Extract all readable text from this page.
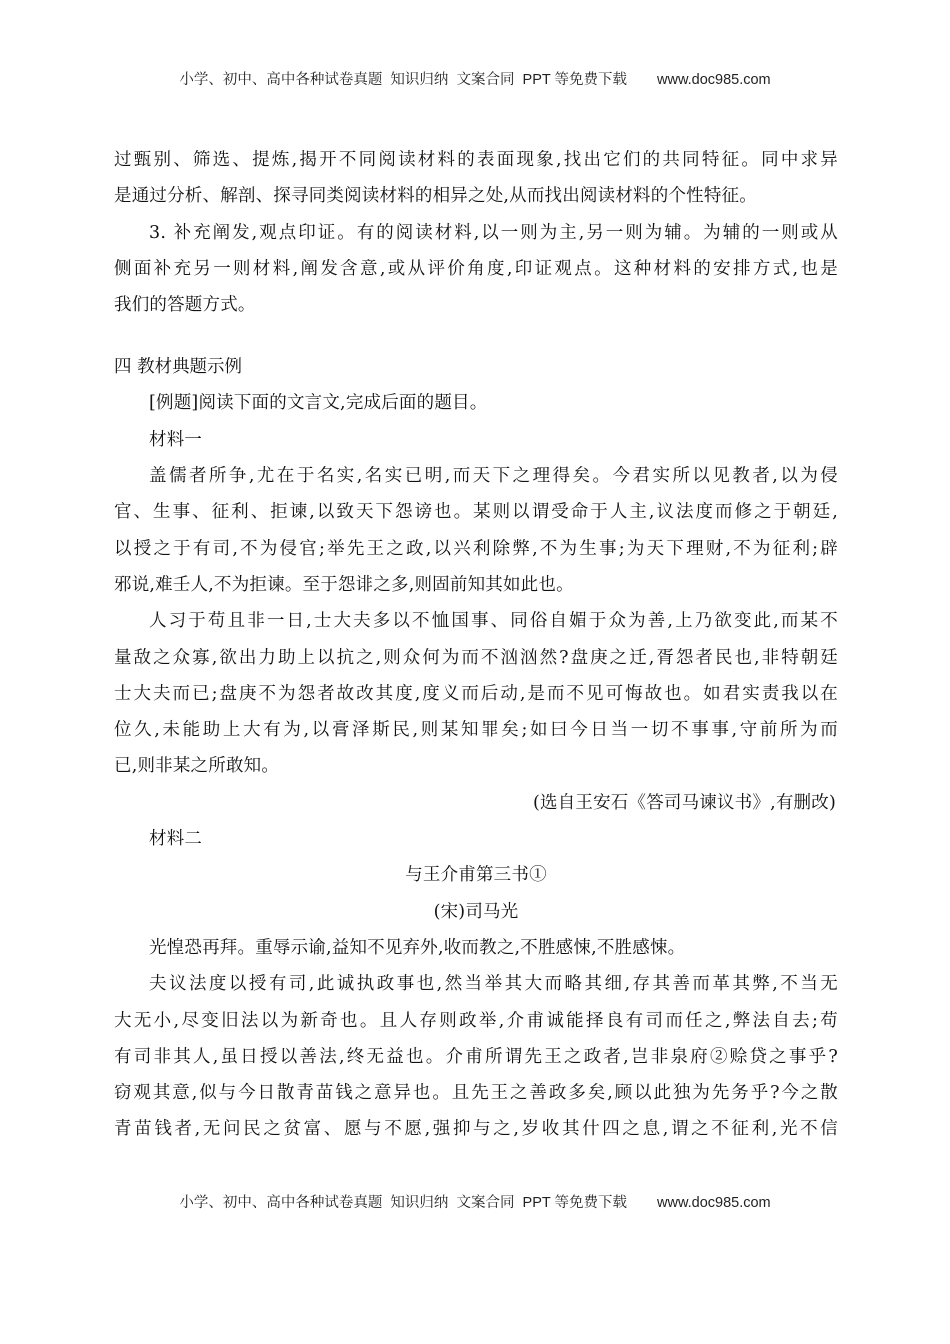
小学、初中、高中各种试卷真题  知识归纳  文案合同  PPT 等免费下载 www.doc985.com
过甄别、筛选、提炼,揭开不同阅读材料的表面现象,找出它们的共同特征。同中求异
是通过分析、解剖、探寻同类阅读材料的相异之处,从而找出阅读材料的个性特征。
3. 补充阐发,观点印证。有的阅读材料,以一则为主,另一则为辅。为辅的一则或从
侧面补充另一则材料,阐发含意,或从评价角度,印证观点。这种材料的安排方式,也是
我们的答题方式。
四 教材典题示例
[例题]阅读下面的文言文,完成后面的题目。
材料一
盖儒者所争,尤在于名实,名实已明,而天下之理得矣。今君实所以见教者,以为侵
官、生事、征利、拒谏,以致天下怨谤也。某则以谓受命于人主,议法度而修之于朝廷,
以授之于有司,不为侵官;举先王之政,以兴利除弊,不为生事;为天下理财,不为征利;辟
邪说,难壬人,不为拒谏。至于怨诽之多,则固前知其如此也。
人习于苟且非一日,士大夫多以不恤国事、同俗自媚于众为善,上乃欲变此,而某不
量敌之众寡,欲出力助上以抗之,则众何为而不汹汹然?盘庚之迁,胥怨者民也,非特朝廷
士大夫而已;盘庚不为怨者故改其度,度义而后动,是而不见可悔故也。如君实责我以在
位久,未能助上大有为,以膏泽斯民,则某知罪矣;如曰今日当一切不事事,守前所为而
已,则非某之所敢知。
(选自王安石《答司马谏议书》,有删改)
材料二
与王介甫第三书①
(宋)司马光
光惶恐再拜。重辱示谕,益知不见弃外,收而教之,不胜感悚,不胜感悚。
夫议法度以授有司,此诚执政事也,然当举其大而略其细,存其善而革其弊,不当无
大无小,尽变旧法以为新奇也。且人存则政举,介甫诚能择良有司而任之,弊法自去;苟
有司非其人,虽日授以善法,终无益也。介甫所谓先王之政者,岂非泉府②赊贷之事乎?
窃观其意,似与今日散青苗钱之意异也。且先王之善政多矣,顾以此独为先务乎?今之散
青苗钱者,无问民之贫富、愿与不愿,强抑与之,岁收其什四之息,谓之不征利,光不信
小学、初中、高中各种试卷真题  知识归纳  文案合同  PPT 等免费下载 www.doc985.com
